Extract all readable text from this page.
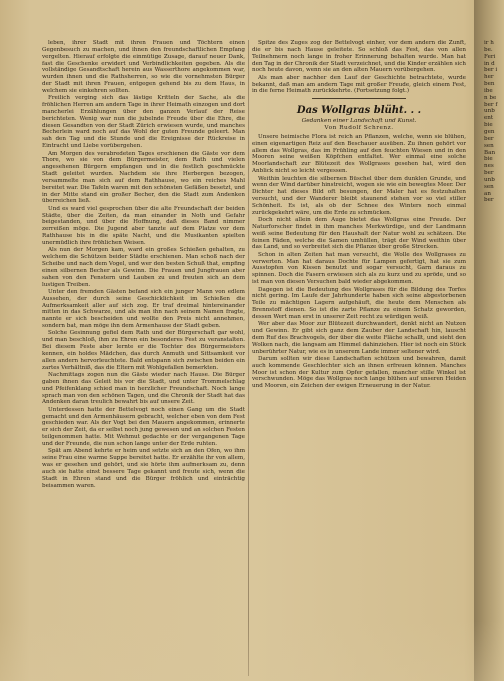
leben, ihrer Stadt mit ihren Frauen und Töchtern einen Gegenbesuch zu machen, und ihnen den freundschaftlichen Empfang vergelten. Hierauf erfolgte die einmütige Zusage, darauf neuer Dank, fast die Geschenke erwidert und Verbindlichkeiten gegeben. Als die vollständige Gesandtschaft herein aus Wasserthore angekommen war, wurden ihnen und die Rathsherren, so wie die vornehmsten Bürger der Stadt mit ihren Frauen, entgegen gehend bis zu dem Haus, in welchem sie einkehren sollten.

Freilich verging sich das lästige Kritteln der Sache, als die fröhlichen Herren am andern Tage in ihrer Heimath einzogen und dort mancherlei Erzählungen über den ganzen Verlauf der Reise berichteten. Wenig war nun die jubelnde Freude über die Ehre, die diesen Gesandten von der Stadt Zürich erwiesen wurde, und manches Becherlein ward noch auf das Wohl der guten Freunde geleert. Man sah den Tag und die Stunde und die Ereignisse der Rückreise in Eintracht und Liebe vorübergehen.

Am Morgen des verabredeten Tages erschienen die Gäste vor dem Thore, wo sie von dem Bürgermeister, dem Rath und vielen angesehenen Bürgern empfangen und in die festlich geschmückte Stadt geleitet wurden. Nachdem sie ihre Herbergen bezogen, versammelte man sich auf dem Rathhause, wo ein reiches Mahl bereitet war. Die Tafeln waren mit den schönsten Gefäßen besetzt, und in der Mitte stand ein großer Becher, den die Stadt zum Andenken überreichen ließ.

Und es ward viel gesprochen über die alte Freundschaft der beiden Städte, über die Zeiten, da man einander in Noth und Gefahr beigestanden, und über die Hoffnung, daß dieses Band nimmer zerreißen möge. Die Jugend aber tanzte auf dem Platze vor dem Rathhause bis in die späte Nacht, und die Musikanten spielten unermüdlich ihre fröhlichen Weisen.

Als nun der Morgen kam, ward ein großes Schießen gehalten, zu welchem die Schützen beider Städte erschienen. Man schoß nach der Scheibe und nach dem Vogel, und wer den besten Schuß that, empfing einen silbernen Becher als Gewinn. Die Frauen und Jungfrauen aber sahen von den Fenstern und Lauben zu und freuten sich an dem lustigen Treiben.

Unter den fremden Gästen befand sich ein junger Mann von edlem Aussehen, der durch seine Geschicklichkeit im Schießen die Aufmerksamkeit aller auf sich zog. Er traf dreimal hintereinander mitten in das Schwarze, und als man ihn nach seinem Namen fragte, nannte er sich bescheiden und wollte den Preis nicht annehmen, sondern bat, man möge ihn dem Armenhause der Stadt geben.

Solche Gesinnung gefiel dem Rath und der Bürgerschaft gar wohl, und man beschloß, ihm zu Ehren ein besonderes Fest zu veranstalten. Bei diesem Feste aber lernte er die Tochter des Bürgermeisters kennen, ein holdes Mädchen, das durch Anmuth und Sittsamkeit vor allen andern hervorleuchtete. Bald entspann sich zwischen beiden ein zartes Verhältniß, das die Eltern mit Wohlgefallen bemerkten.

Nachmittags zogen nun die Gäste wieder nach Hause. Die Bürger gaben ihnen das Geleit bis vor die Stadt, und unter Trommelschlag und Pfeifenklang schied man in herzlicher Freundschaft. Noch lange sprach man von den schönen Tagen, und die Chronik der Stadt hat das Andenken daran treulich bewahrt bis auf unsere Zeit.

Unterdessen hatte der Bettelvogt noch einen Gang um die Stadt gemacht und den Armenhäusern gebracht, welcher eben von dem Fest geschieden war. Als der Vogt bei den Mauern angekommen, erinnerte er sich der Zeit, da er selbst noch jung gewesen und an solchen Festen teilgenommen hatte. Mit Wehmut gedachte er der vergangenen Tage und der Freunde, die nun schon lange unter der Erde ruhten.

Spät am Abend kehrte er heim und setzte sich an den Ofen, wo ihm seine Frau eine warme Suppe bereitet hatte. Er erzählte ihr von allem, was er gesehen und gehört, und sie hörte ihm aufmerksam zu, denn auch sie hatte einst bessere Tage gekannt und freute sich, wenn die Stadt in Ehren stand und die Bürger fröhlich und einträchtig beisammen waren.

Spitze des Zuges zog der Bettelvogt einher, vor dem andern die Zunft, die er bis nach Hause geleitete. So schloß das Fest, das von allen Teilnehmern noch lange in froher Erinnerung behalten wurde. Man hat den Tag in der Chronik der Stadt verzeichnet, und die Kinder erzählen sich noch heute davon, wenn sie an den alten Mauern vorübergehen.

Als man aber nachher den Lauf der Geschichte betrachtete, wurde bekannt, daß man am andern Tage mit großer Freude, gleich einem Fest, in die ferne Heimath zurückkehrte. (Fortsetzung folgt.)

Das Wollgras blüht. . .
Gedanken einer Landschaft und Kunst.
Von Rudolf Schrenz.

Unsere heimische Flora ist reich an Pflanzen, welche, wenn sie blühen, einen eigenartigen Reiz auf den Beschauer ausüben. Zu ihnen gehört vor allem das Wollgras, das im Frühling auf den feuchten Wiesen und in den Mooren seine weißen Köpfchen entfaltet. Wer einmal eine solche Moorlandschaft zur Blütezeit des Wollgrases gesehen hat, wird den Anblick nicht so leicht vergessen.

Weithin leuchten die silbernen Büschel über dem dunklen Grunde, und wenn der Wind darüber hinstreicht, wogen sie wie ein bewegtes Meer. Der Dichter hat dieses Bild oft besungen, der Maler hat es festzuhalten versucht, und der Wanderer bleibt staunend stehen vor so viel stiller Schönheit. Es ist, als ob der Schnee des Winters noch einmal zurückgekehrt wäre, um die Erde zu schmücken.

Doch nicht allein dem Auge bietet das Wollgras eine Freude. Der Naturforscher findet in ihm manches Merkwürdige, und der Landmann weiß seine Bedeutung für den Haushalt der Natur wohl zu schätzen. Die feinen Fäden, welche die Samen umhüllen, trägt der Wind weithin über das Land, und so verbreitet sich die Pflanze über große Strecken.

Schon in alten Zeiten hat man versucht, die Wolle des Wollgrases zu verwerten. Man hat daraus Dochte für Lampen gefertigt, hat sie zum Ausstopfen von Kissen benutzt und sogar versucht, Garn daraus zu spinnen. Doch die Fasern erwiesen sich als zu kurz und zu spröde, und so ist man von diesen Versuchen bald wieder abgekommen.

Dagegen ist die Bedeutung des Wollgrases für die Bildung des Torfes nicht gering. Im Laufe der Jahrhunderte haben sich seine abgestorbenen Teile zu mächtigen Lagern aufgehäuft, die heute dem Menschen als Brennstoff dienen. So ist die zarte Pflanze zu einem Schatz geworden, dessen Wert man erst in unserer Zeit recht zu würdigen weiß.

Wer aber das Moor zur Blütezeit durchwandert, denkt nicht an Nutzen und Gewinn. Er gibt sich ganz dem Zauber der Landschaft hin, lauscht dem Ruf des Brachvogels, der über die weite Fläche schallt, und sieht den Wolken nach, die langsam am Himmel dahinziehen. Hier ist noch ein Stück unberührter Natur, wie es in unserem Lande immer seltener wird.

Darum sollten wir diese Landschaften schützen und bewahren, damit auch kommende Geschlechter sich an ihnen erfreuen können. Manches Moor ist schon der Kultur zum Opfer gefallen, mancher stille Winkel ist verschwunden. Möge das Wollgras noch lange blühen auf unseren Heiden und Mooren, ein Zeichen der ewigen Erneuerung in der Natur.

ir h
be.
Feri
in d
ber i
her
ben
ibe
n be
ber f
unb
ent
bie
gen
ber
sen
Ban
bie
nes
ber
unb
sen
an
ber
